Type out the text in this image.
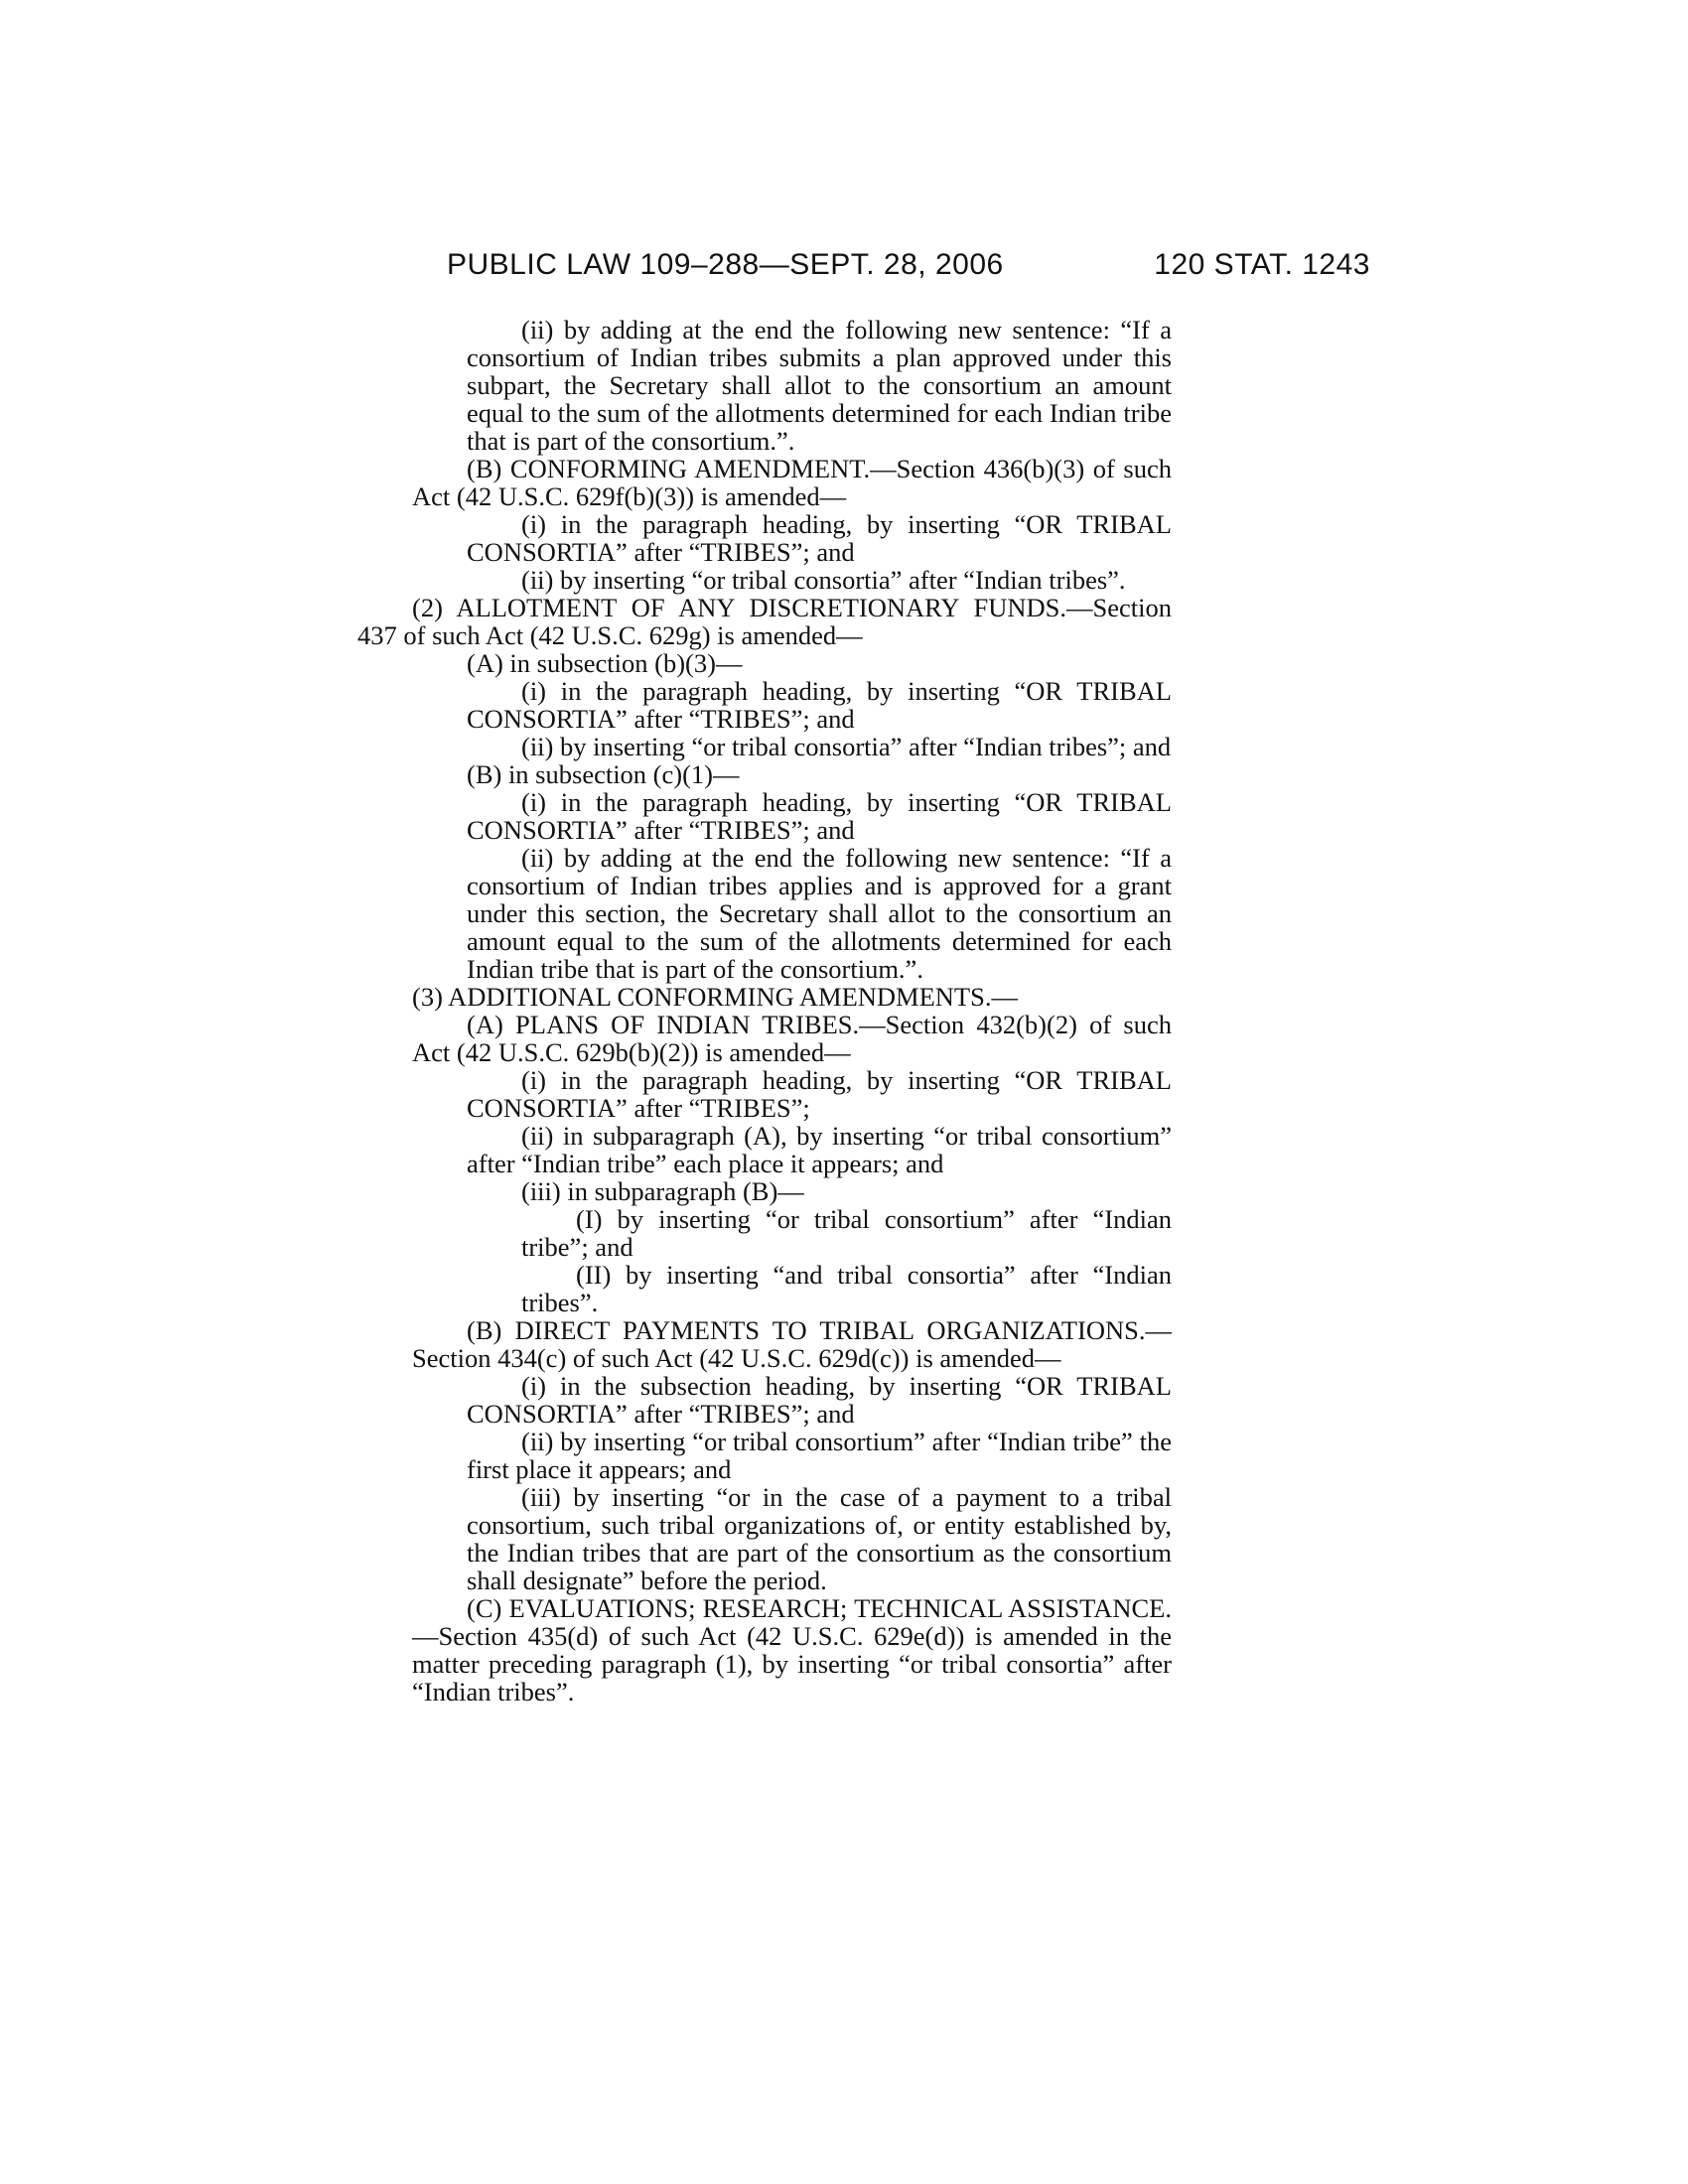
PUBLIC LAW 109–288—SEPT. 28, 2006	120 STAT. 1243

(ii) by adding at the end the following new sentence: “If a consortium of Indian tribes submits a plan approved under this subpart, the Secretary shall allot to the consortium an amount equal to the sum of the allotments determined for each Indian tribe that is part of the consortium.”.

(B) CONFORMING AMENDMENT.—Section 436(b)(3) of such Act (42 U.S.C. 629f(b)(3)) is amended—

(i) in the paragraph heading, by inserting “OR TRIBAL CONSORTIA” after “TRIBES”; and

(ii) by inserting “or tribal consortia” after “Indian tribes”.

(2) ALLOTMENT OF ANY DISCRETIONARY FUNDS.—Section 437 of such Act (42 U.S.C. 629g) is amended—

(A) in subsection (b)(3)—

(i) in the paragraph heading, by inserting “OR TRIBAL CONSORTIA” after “TRIBES”; and

(ii) by inserting “or tribal consortia” after “Indian tribes”; and

(B) in subsection (c)(1)—

(i) in the paragraph heading, by inserting “OR TRIBAL CONSORTIA” after “TRIBES”; and

(ii) by adding at the end the following new sentence: “If a consortium of Indian tribes applies and is approved for a grant under this section, the Secretary shall allot to the consortium an amount equal to the sum of the allotments determined for each Indian tribe that is part of the consortium.”.

(3) ADDITIONAL CONFORMING AMENDMENTS.—

(A) PLANS OF INDIAN TRIBES.—Section 432(b)(2) of such Act (42 U.S.C. 629b(b)(2)) is amended—

(i) in the paragraph heading, by inserting “OR TRIBAL CONSORTIA” after “TRIBES”;

(ii) in subparagraph (A), by inserting “or tribal consortium” after “Indian tribe” each place it appears; and

(iii) in subparagraph (B)—

(I) by inserting “or tribal consortium” after “Indian tribe”; and

(II) by inserting “and tribal consortia” after “Indian tribes”.

(B) DIRECT PAYMENTS TO TRIBAL ORGANIZATIONS.—Section 434(c) of such Act (42 U.S.C. 629d(c)) is amended—

(i) in the subsection heading, by inserting “OR TRIBAL CONSORTIA” after “TRIBES”; and

(ii) by inserting “or tribal consortium” after “Indian tribe” the first place it appears; and

(iii) by inserting “or in the case of a payment to a tribal consortium, such tribal organizations of, or entity established by, the Indian tribes that are part of the consortium as the consortium shall designate” before the period.

(C) EVALUATIONS; RESEARCH; TECHNICAL ASSISTANCE.—Section 435(d) of such Act (42 U.S.C. 629e(d)) is amended in the matter preceding paragraph (1), by inserting “or tribal consortia” after “Indian tribes”.
